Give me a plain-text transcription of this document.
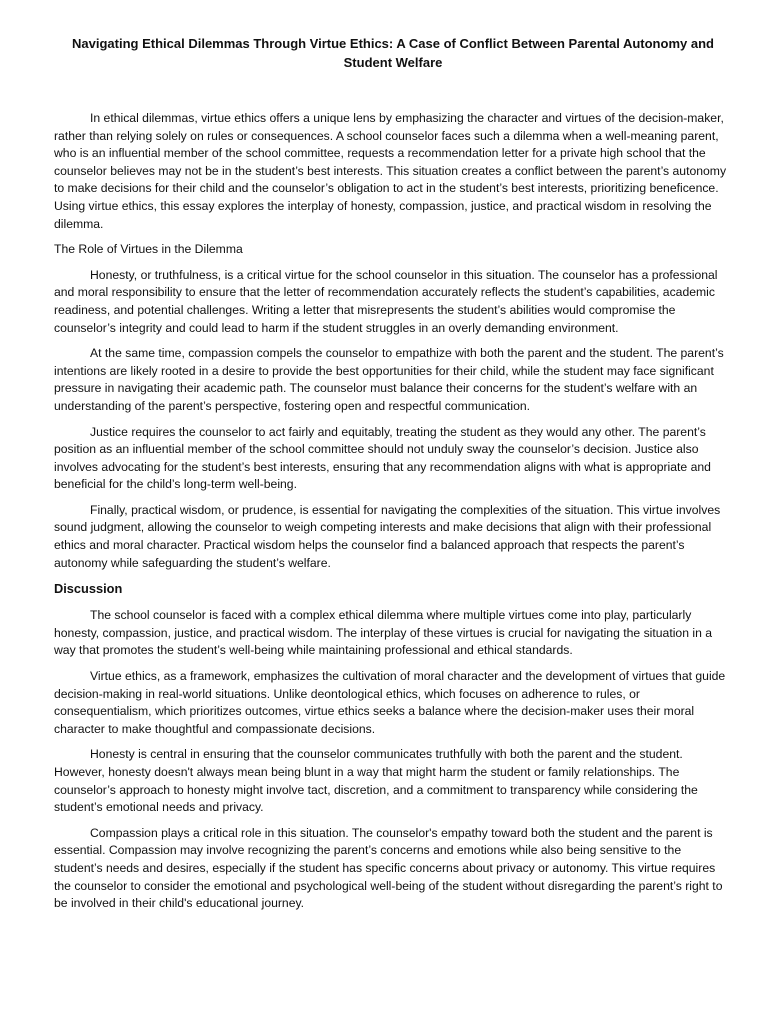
Navigating Ethical Dilemmas Through Virtue Ethics: A Case of Conflict Between Parental Autonomy and Student Welfare

In ethical dilemmas, virtue ethics offers a unique lens by emphasizing the character and virtues of the decision-maker, rather than relying solely on rules or consequences. A school counselor faces such a dilemma when a well-meaning parent, who is an influential member of the school committee, requests a recommendation letter for a private high school that the counselor believes may not be in the student’s best interests. This situation creates a conflict between the parent’s autonomy to make decisions for their child and the counselor’s obligation to act in the student’s best interests, prioritizing beneficence. Using virtue ethics, this essay explores the interplay of honesty, compassion, justice, and practical wisdom in resolving the dilemma.

The Role of Virtues in the Dilemma

Honesty, or truthfulness, is a critical virtue for the school counselor in this situation. The counselor has a professional and moral responsibility to ensure that the letter of recommendation accurately reflects the student’s capabilities, academic readiness, and potential challenges. Writing a letter that misrepresents the student’s abilities would compromise the counselor’s integrity and could lead to harm if the student struggles in an overly demanding environment.

At the same time, compassion compels the counselor to empathize with both the parent and the student. The parent’s intentions are likely rooted in a desire to provide the best opportunities for their child, while the student may face significant pressure in navigating their academic path. The counselor must balance their concerns for the student’s welfare with an understanding of the parent’s perspective, fostering open and respectful communication.

Justice requires the counselor to act fairly and equitably, treating the student as they would any other. The parent’s position as an influential member of the school committee should not unduly sway the counselor’s decision. Justice also involves advocating for the student’s best interests, ensuring that any recommendation aligns with what is appropriate and beneficial for the child’s long-term well-being.

Finally, practical wisdom, or prudence, is essential for navigating the complexities of the situation. This virtue involves sound judgment, allowing the counselor to weigh competing interests and make decisions that align with their professional ethics and moral character. Practical wisdom helps the counselor find a balanced approach that respects the parent’s autonomy while safeguarding the student’s welfare.

Discussion

The school counselor is faced with a complex ethical dilemma where multiple virtues come into play, particularly honesty, compassion, justice, and practical wisdom. The interplay of these virtues is crucial for navigating the situation in a way that promotes the student’s well-being while maintaining professional and ethical standards.

Virtue ethics, as a framework, emphasizes the cultivation of moral character and the development of virtues that guide decision-making in real-world situations. Unlike deontological ethics, which focuses on adherence to rules, or consequentialism, which prioritizes outcomes, virtue ethics seeks a balance where the decision-maker uses their moral character to make thoughtful and compassionate decisions.

Honesty is central in ensuring that the counselor communicates truthfully with both the parent and the student. However, honesty doesn't always mean being blunt in a way that might harm the student or family relationships. The counselor’s approach to honesty might involve tact, discretion, and a commitment to transparency while considering the student’s emotional needs and privacy.

Compassion plays a critical role in this situation. The counselor's empathy toward both the student and the parent is essential. Compassion may involve recognizing the parent’s concerns and emotions while also being sensitive to the student’s needs and desires, especially if the student has specific concerns about privacy or autonomy. This virtue requires the counselor to consider the emotional and psychological well-being of the student without disregarding the parent’s right to be involved in their child's educational journey.
